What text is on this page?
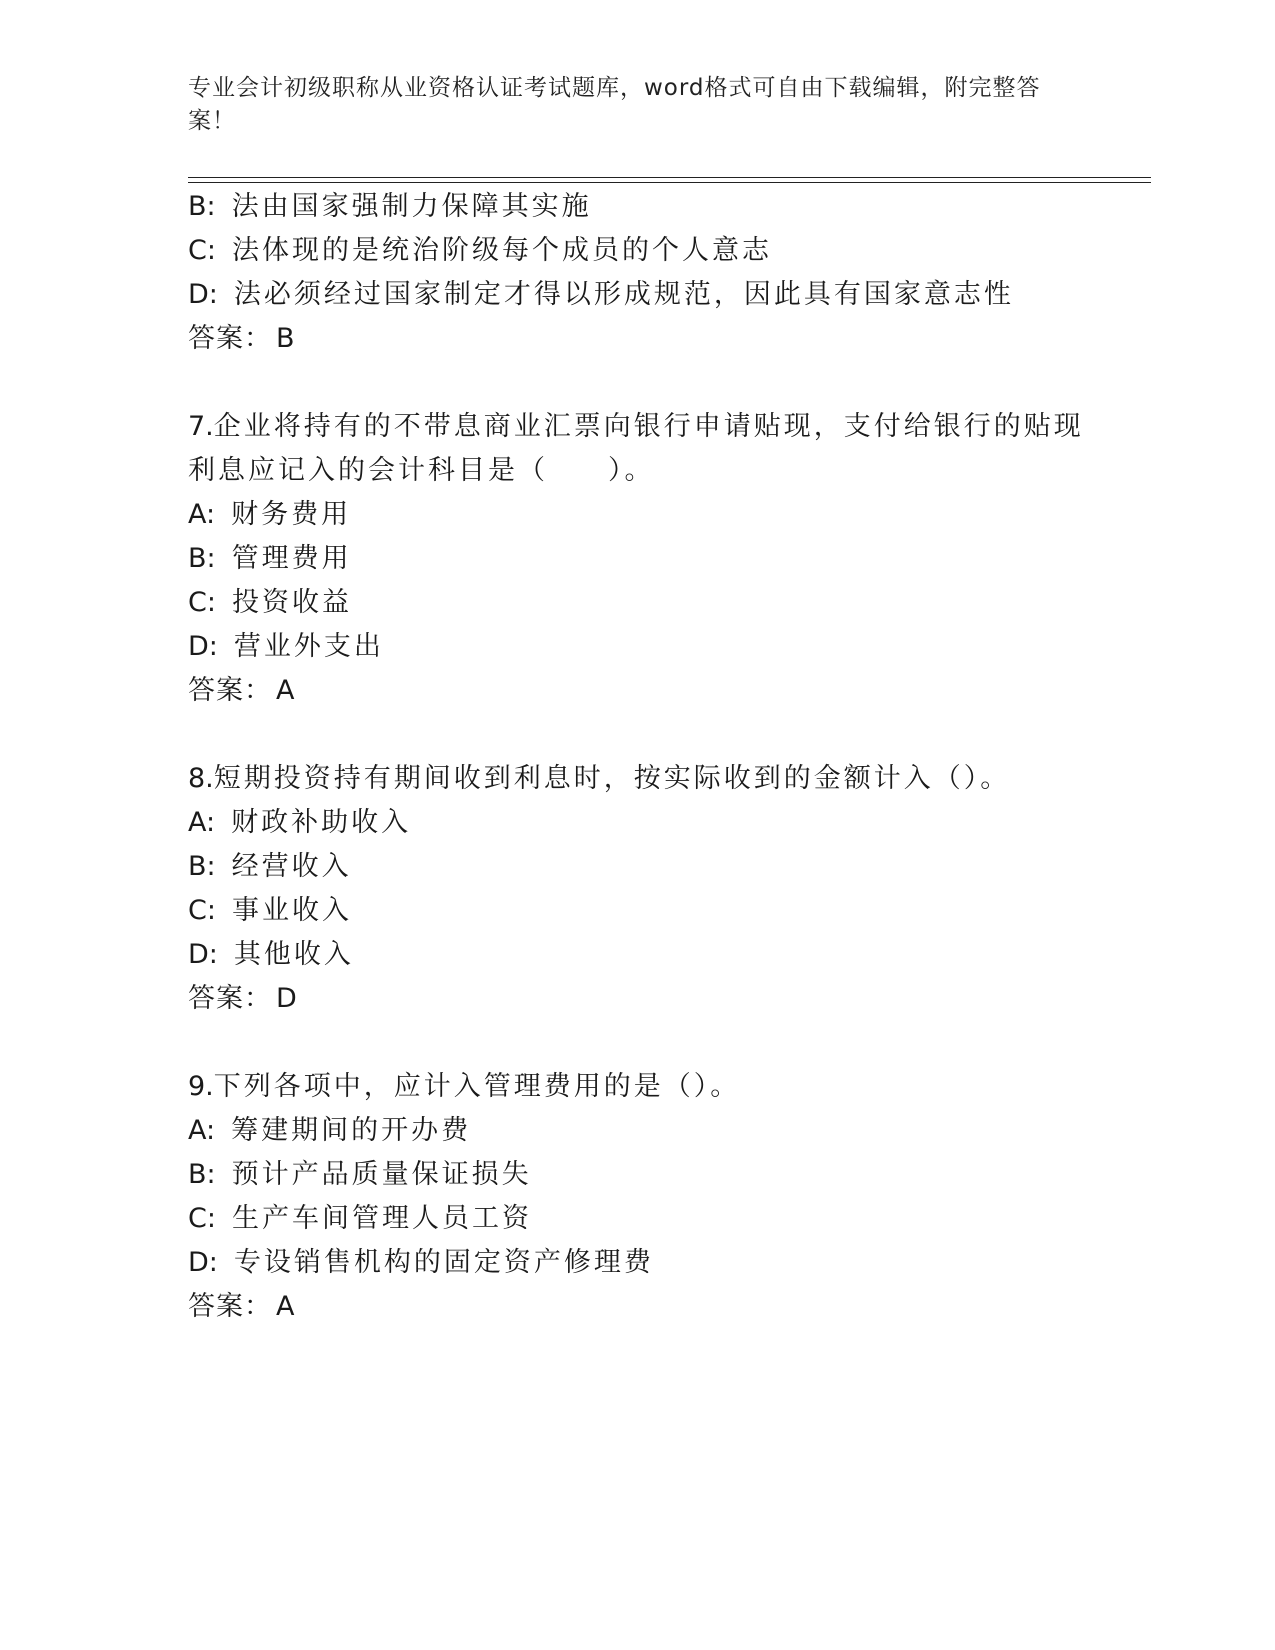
专业会计初级职称从业资格认证考试题库，word格式可自由下载编辑，附完整答
案！
B: 法由国家强制力保障其实施
C: 法体现的是统治阶级每个成员的个人意志
D: 法必须经过国家制定才得以形成规范，因此具有国家意志性
答案： B
7.企业将持有的不带息商业汇票向银行申请贴现，支付给银行的贴现
利息应记入的会计科目是（　　）。
A: 财务费用
B: 管理费用
C: 投资收益
D: 营业外支出
答案： A
8.短期投资持有期间收到利息时，按实际收到的金额计入（）。
A: 财政补助收入
B: 经营收入
C: 事业收入
D: 其他收入
答案： D
9.下列各项中，应计入管理费用的是（）。
A: 筹建期间的开办费
B: 预计产品质量保证损失
C: 生产车间管理人员工资
D: 专设销售机构的固定资产修理费
答案： A
